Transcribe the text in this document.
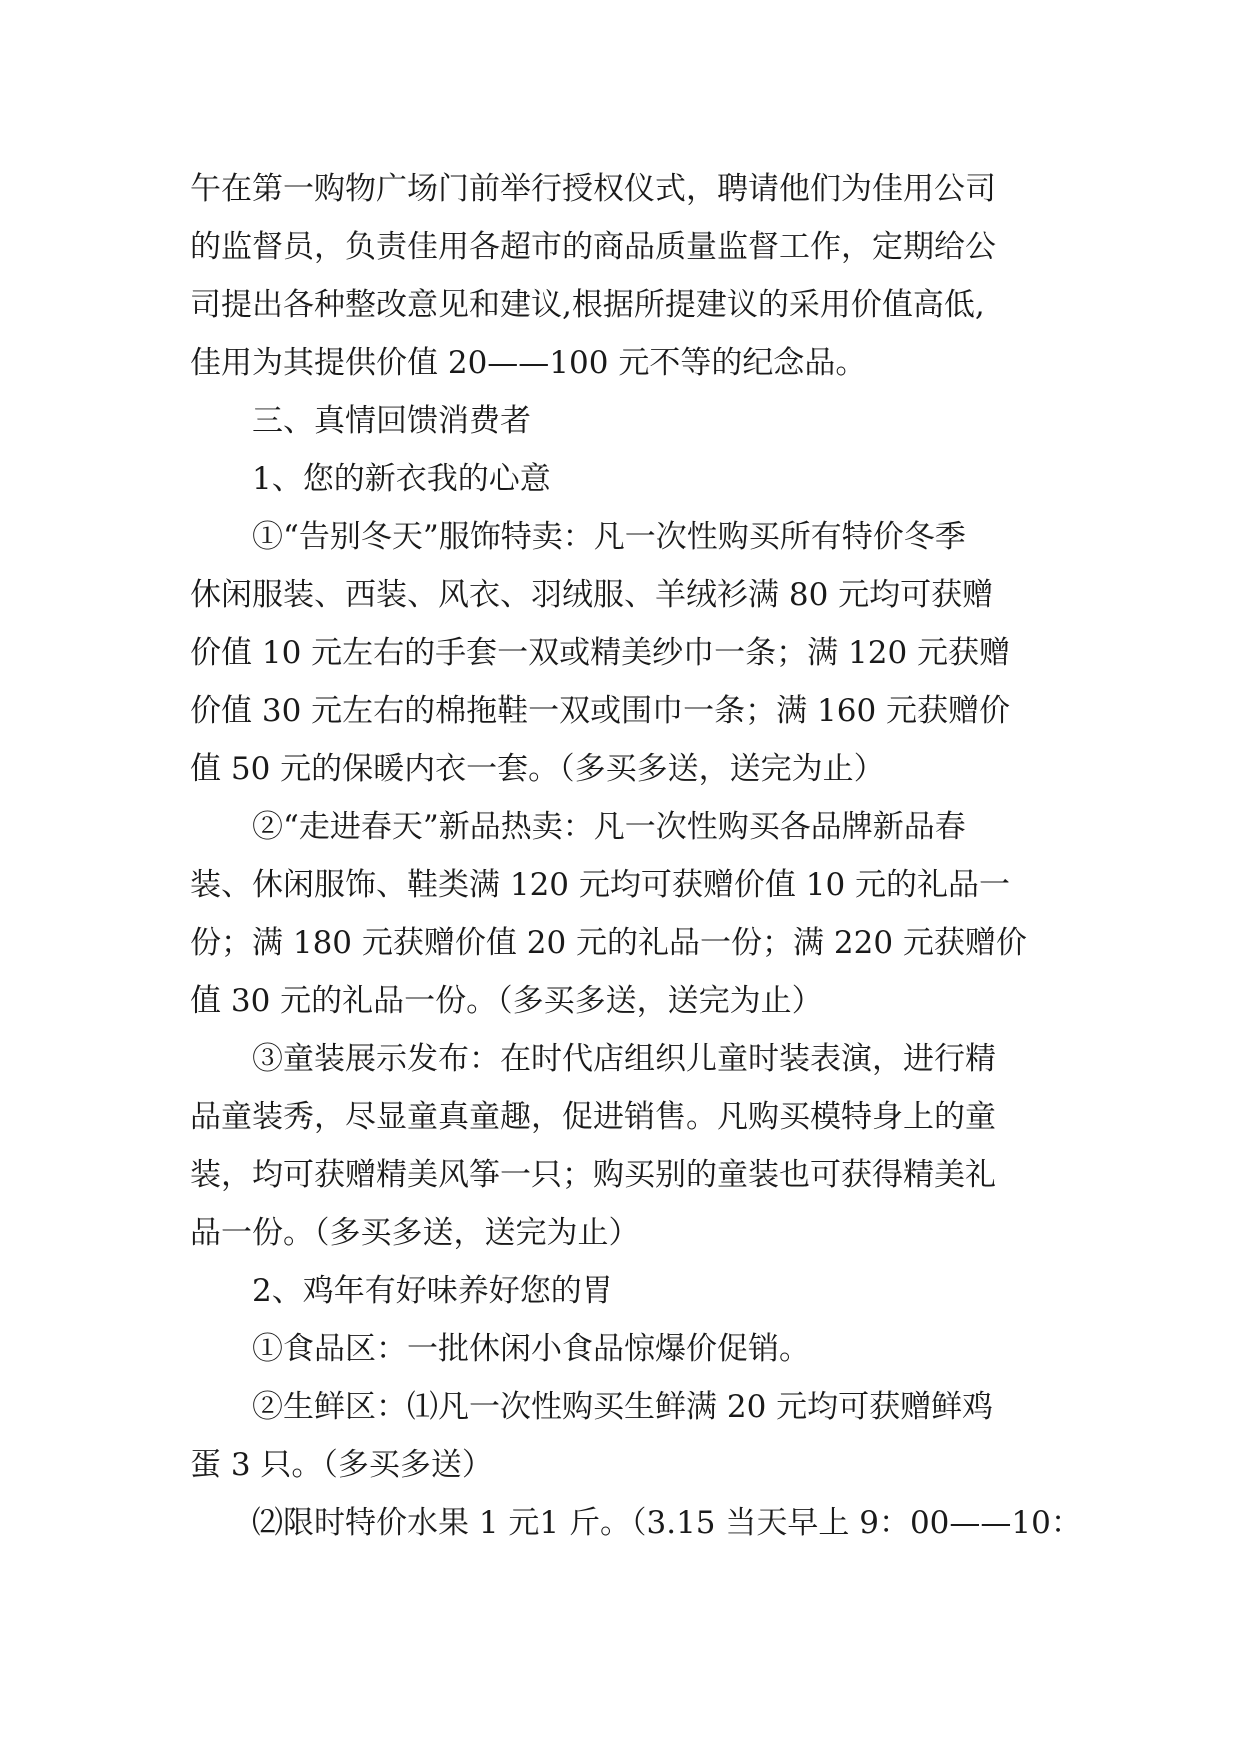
午在第一购物广场门前举行授权仪式，聘请他们为佳用公司
的监督员，负责佳用各超市的商品质量监督工作，定期给公
司提出各种整改意见和建议,根据所提建议的采用价值高低,
佳用为其提供价值 20——100 元不等的纪念品。
三、真情回馈消费者
1、您的新衣我的心意
①“告别冬天”服饰特卖：凡一次性购买所有特价冬季
休闲服装、西装、风衣、羽绒服、羊绒衫满 80 元均可获赠
价值 10 元左右的手套一双或精美纱巾一条；满 120 元获赠
价值 30 元左右的棉拖鞋一双或围巾一条；满 160 元获赠价
值 50 元的保暖内衣一套。（多买多送，送完为止）
②“走进春天”新品热卖：凡一次性购买各品牌新品春
装、休闲服饰、鞋类满 120 元均可获赠价值 10 元的礼品一
份；满 180 元获赠价值 20 元的礼品一份；满 220 元获赠价
值 30 元的礼品一份。（多买多送，送完为止）
③童装展示发布：在时代店组织儿童时装表演，进行精
品童装秀，尽显童真童趣，促进销售。凡购买模特身上的童
装，均可获赠精美风筝一只；购买别的童装也可获得精美礼
品一份。（多买多送，送完为止）
2、鸡年有好味养好您的胃
①食品区：一批休闲小食品惊爆价促销。
②生鲜区：⑴凡一次性购买生鲜满 20 元均可获赠鲜鸡
蛋 3 只。（多买多送）
⑵限时特价水果 1 元1 斤。（3.15 当天早上 9：00——10：
